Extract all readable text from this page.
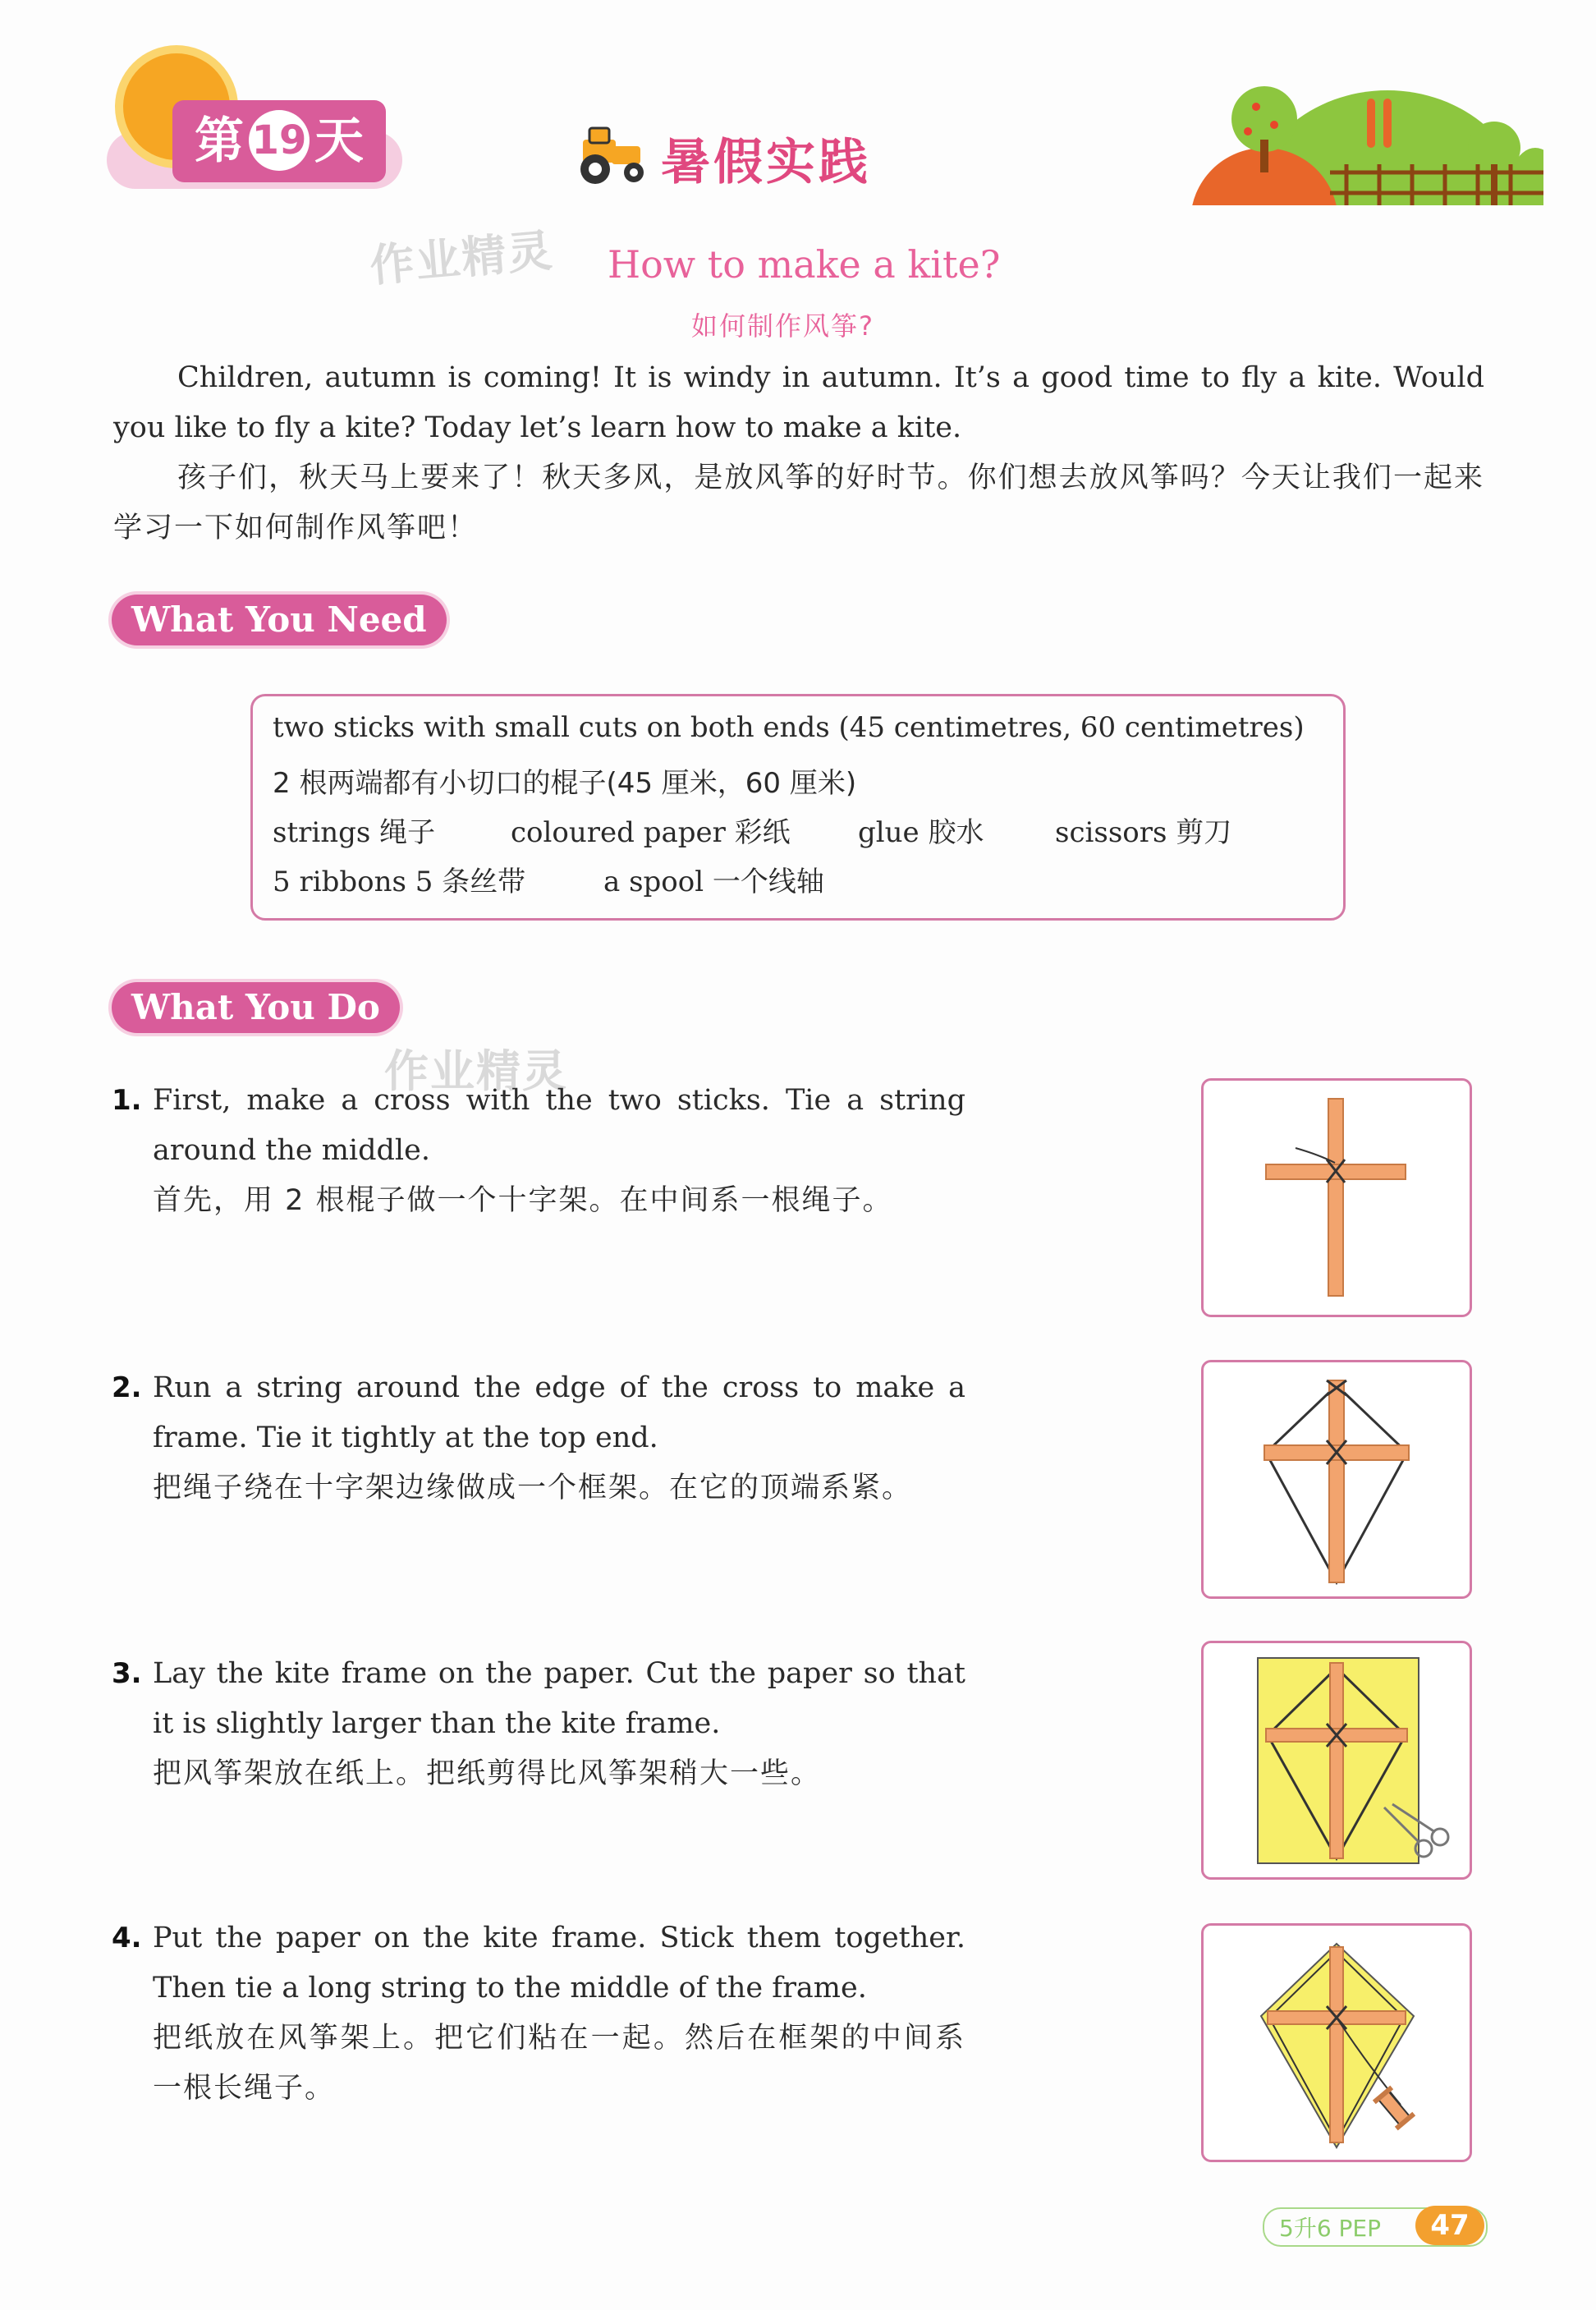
第 19 天	暑假实践
作业精灵
作业精灵
How to make a kite?
如何制作风筝?
Children, autumn is coming! It is windy in autumn. It’s a good time to fly a kite. Would you like to fly a kite? Today let’s learn how to make a kite.
孩子们，秋天马上要来了！秋天多风，是放风筝的好时节。你们想去放风筝吗？今天让我们一起来学习一下如何制作风筝吧！
What You Need
two sticks with small cuts on both ends (45 centimetres, 60 centimetres)
2 根两端都有小切口的棍子(45 厘米，60 厘米)
strings 绳子	coloured paper 彩纸 glue 胶水	scissors 剪刀
5 ribbons 5 条丝带	a spool 一个线轴
What You Do
1. First, make a cross with the two sticks. Tie a string around the middle.
首先，用 2 根棍子做一个十字架。在中间系一根绳子。
2. Run a string around the edge of the cross to make a frame. Tie it tightly at the top end.
把绳子绕在十字架边缘做成一个框架。在它的顶端系紧。
3. Lay the kite frame on the paper. Cut the paper so that it is slightly larger than the kite frame.
把风筝架放在纸上。把纸剪得比风筝架稍大一些。
4. Put the paper on the kite frame. Stick them together. Then tie a long string to the middle of the frame.
把纸放在风筝架上。把它们粘在一起。然后在框架的中间系一根长绳子。
5升6 PEP	47
